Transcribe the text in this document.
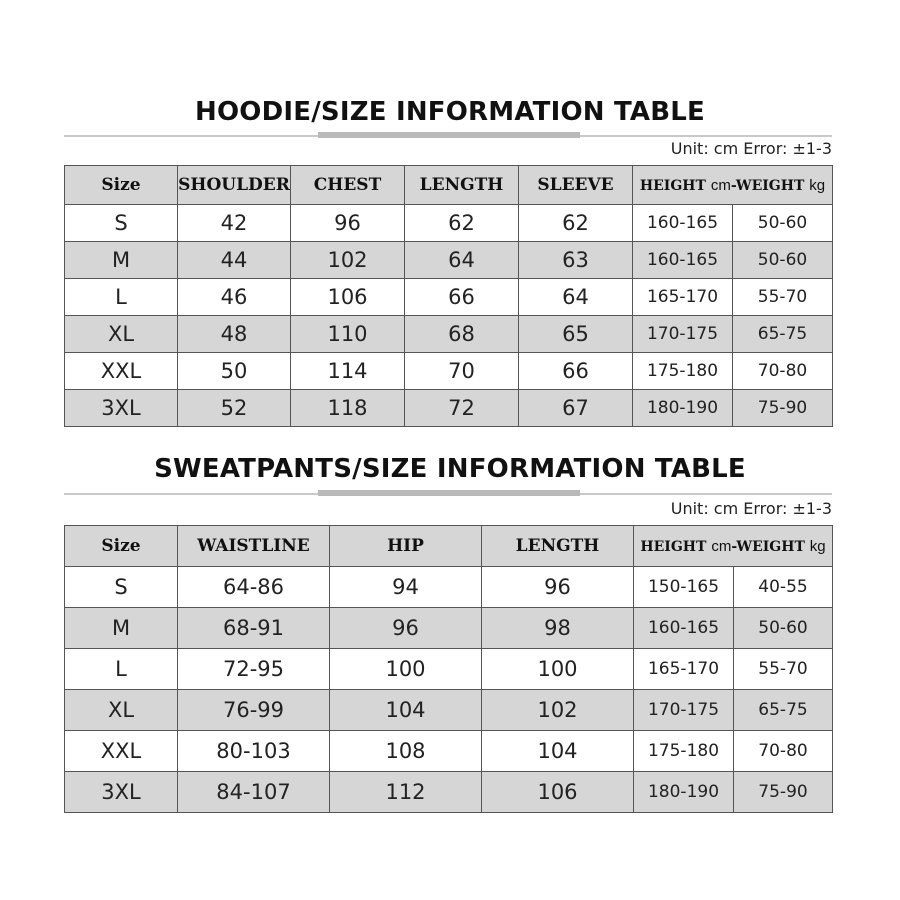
HOODIE/SIZE INFORMATION TABLE
Unit: cm Error: ±1-3
Size	SHOULDER	CHEST	LENGTH	SLEEVE	HEIGHT cm-WEIGHT kg	
S	42	96	62	62	160-165	50-60
M	44	102	64	63	160-165	50-60
L	46	106	66	64	165-170	55-70
XL	48	110	68	65	170-175	65-75
XXL	50	114	70	66	175-180	70-80
3XL	52	118	72	67	180-190	75-90
SWEATPANTS/SIZE INFORMATION TABLE
Unit: cm Error: ±1-3
Size	WAISTLINE	HIP	LENGTH	HEIGHT cm-WEIGHT kg	
S	64-86	94	96	150-165	40-55
M	68-91	96	98	160-165	50-60
L	72-95	100	100	165-170	55-70
XL	76-99	104	102	170-175	65-75
XXL	80-103	108	104	175-180	70-80
3XL	84-107	112	106	180-190	75-90
